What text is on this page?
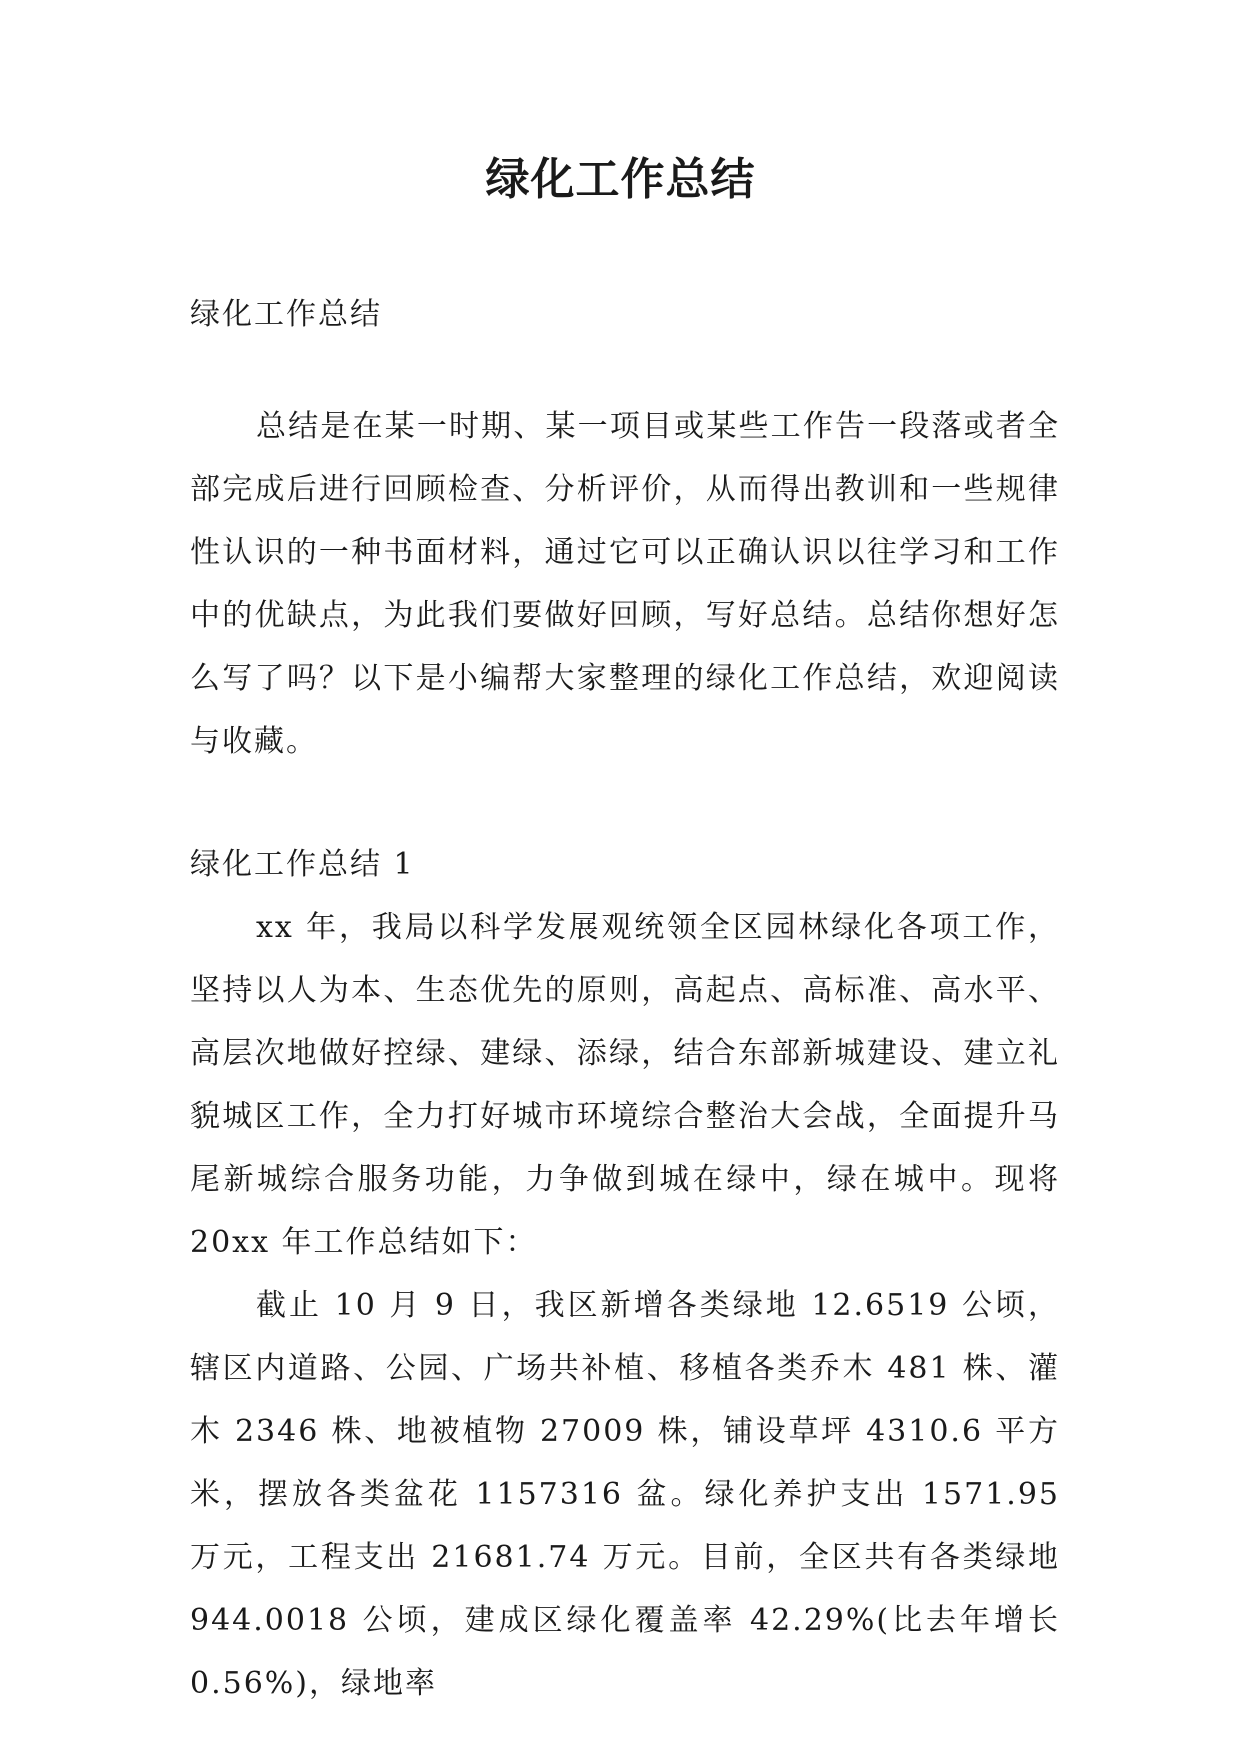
绿化工作总结

绿化工作总结

总结是在某一时期、某一项目或某些工作告一段落或者全部完成后进行回顾检查、分析评价，从而得出教训和一些规律性认识的一种书面材料，通过它可以正确认识以往学习和工作中的优缺点，为此我们要做好回顾，写好总结。总结你想好怎么写了吗？以下是小编帮大家整理的绿化工作总结，欢迎阅读与收藏。

绿化工作总结 1

xx 年，我局以科学发展观统领全区园林绿化各项工作，坚持以人为本、生态优先的原则，高起点、高标准、高水平、高层次地做好控绿、建绿、添绿，结合东部新城建设、建立礼貌城区工作，全力打好城市环境综合整治大会战，全面提升马尾新城综合服务功能，力争做到城在绿中，绿在城中。现将 20xx 年工作总结如下：

截止 10 月 9 日，我区新增各类绿地 12.6519 公顷，辖区内道路、公园、广场共补植、移植各类乔木 481 株、灌木 2346 株、地被植物 27009 株，铺设草坪 4310.6 平方米，摆放各类盆花 1157316 盆。绿化养护支出 1571.95 万元，工程支出 21681.74 万元。目前，全区共有各类绿地 944.0018 公顷，建成区绿化覆盖率 42.29%(比去年增长 0.56%)，绿地率
